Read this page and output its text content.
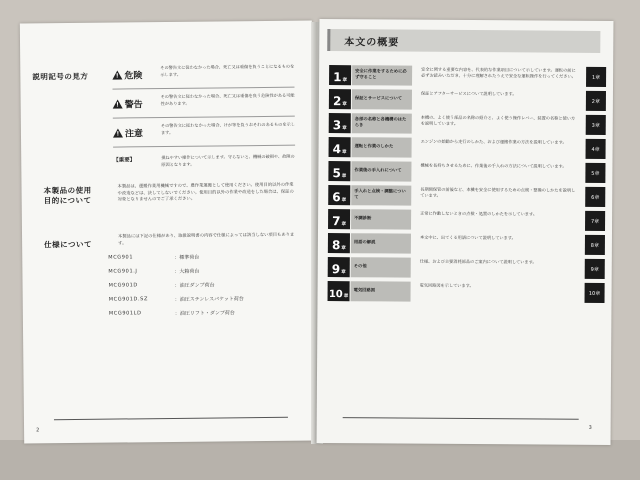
説明記号の見方
!	危険
その警告文に従わなかった場合、死亡又は重傷を負うことになるものを示します。
!
警告
その警告文に従わなかった場合、死亡又は重傷を負う危険性がある可能性があります。
!
注意
その警告文に従わなかった場合、けが等を負うおそれのあるものを示します。
【重要】
損ねやすい操作について示します。守らないと、機械の破損や、故障の原因となります。
本製品の使用
目的について
本製品は、運搬作業用機械ですので、農作業運搬として使用ください。使用目的以外の作業や改造などは、決してしないでください。使用目的以外の作業や改造をした場合は、保証の対象となりませんのでご了承ください。
仕様について
本製品には下記の仕様があり、取扱説明書の内容で仕様によっては該当しない項目もあります。
MCG901	：標準荷台
MCG901.J	：大箱荷台
MCG901D	：油圧ダンプ荷台
MCG901D.SZ	：油圧ステンレスバケット荷台
MCG901LD	：油圧リフト・ダンプ荷台
2
本文の概要
1 章
安全に作業をするために必ず守ること
安全に関する重要な内容を、代表的な作業項目について示しています。運転の前に必ずお読みいただき、十分に理解されたうえで安全な運転操作を行ってください。	1章
2 章
保証とサービスについて
保証とアフターサービスについて説明しています。
2章
3 章
各部の名称と各機構のはたらき
本機の、よく使う部品の名称の紹介と、よく使う操作レバー、装置の名称と使い方を説明しています。	3章
4 章
運転と作業のしかた
エンジンの始動から走行のしかた、および運搬作業の方法を説明しています。
4章
5 章
作業後の手入れについて
機械を長持ちさせるために、作業後の手入れの方法について説明しています。
5章
6 章
手入れと点検・調整について
長期間保管の前後など、本機を安全に使用するための点検・整備のしかたを説明しています。	6章
7 章
不調診断
正常に作動しないときの点検・処置のしかたを示しています。
7章
8 章
用語の解説
本文中に、出てくる用語について説明しています。
8章
9 章
その他
仕様、および主要消耗部品のご案内について説明しています。
9章
10 章
電気回路図
電気回路図を示しています。
10章
3
